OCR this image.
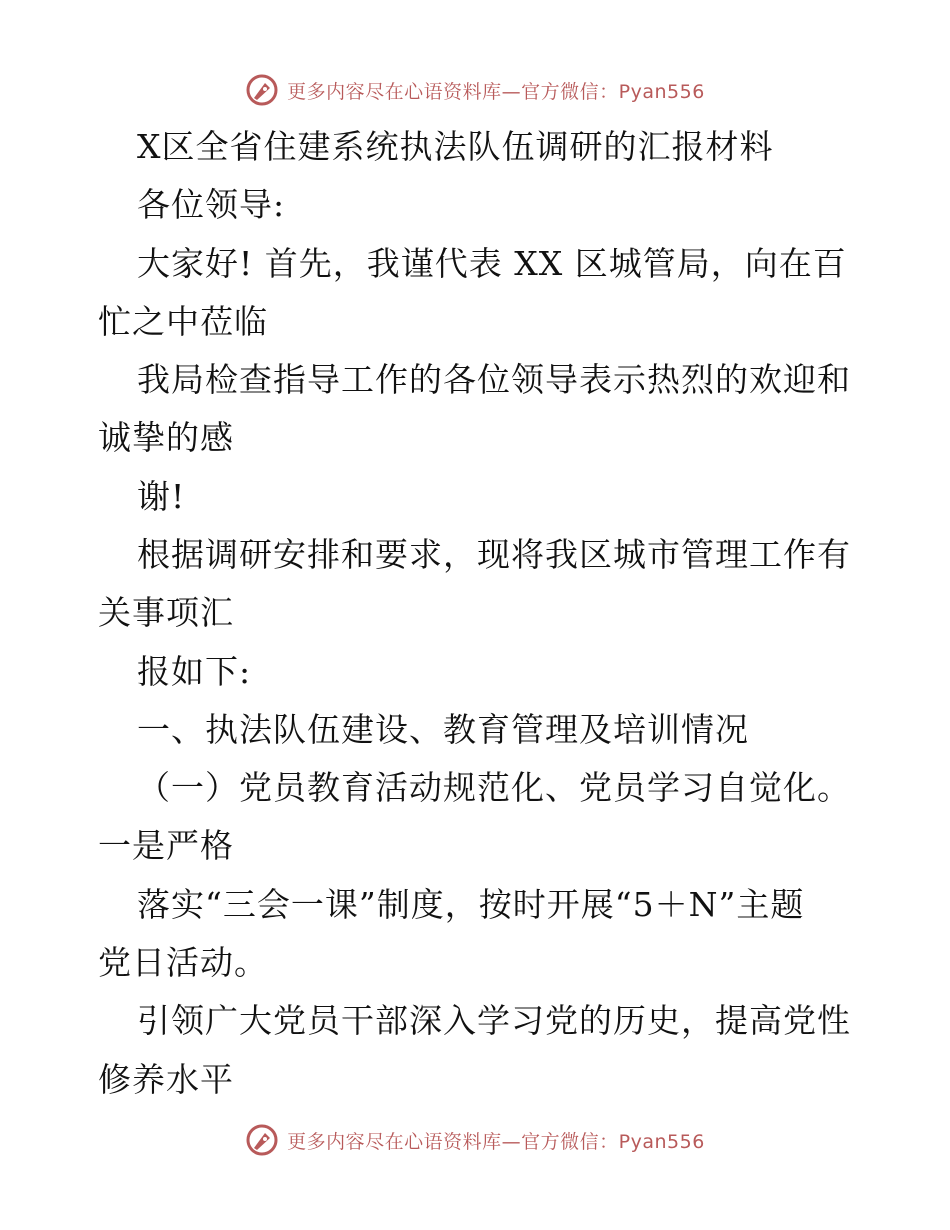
更多内容尽在心语资料库—官方微信：Pyan556
X区全省住建系统执法队伍调研的汇报材料
各位领导:
大家好! 首先，我谨代表 XX 区城管局，向在百
忙之中莅临
我局检查指导工作的各位领导表示热烈的欢迎和
诚挚的感
谢!
根据调研安排和要求，现将我区城市管理工作有
关事项汇
报如下:
一、执法队伍建设、教育管理及培训情况
（一）党员教育活动规范化、党员学习自觉化。
一是严格
落实“三会一课”制度，按时开展“5＋N”主题
党日活动。
引领广大党员干部深入学习党的历史，提高党性
修养水平
更多内容尽在心语资料库—官方微信：Pyan556
